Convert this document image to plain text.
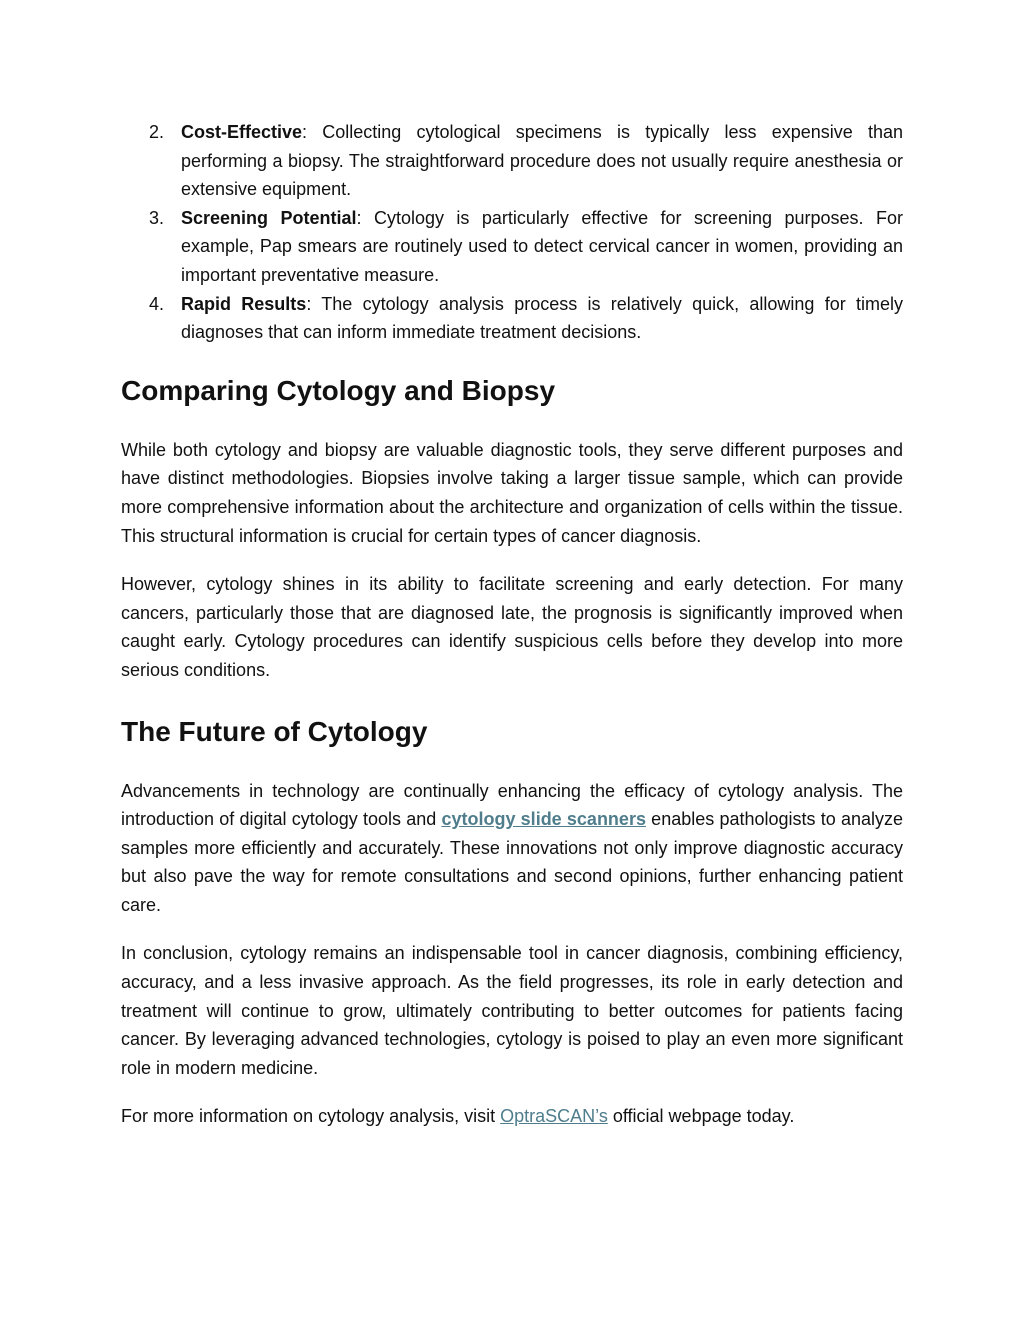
2. Cost-Effective: Collecting cytological specimens is typically less expensive than performing a biopsy. The straightforward procedure does not usually require anesthesia or extensive equipment.
3. Screening Potential: Cytology is particularly effective for screening purposes. For example, Pap smears are routinely used to detect cervical cancer in women, providing an important preventative measure.
4. Rapid Results: The cytology analysis process is relatively quick, allowing for timely diagnoses that can inform immediate treatment decisions.
Comparing Cytology and Biopsy

While both cytology and biopsy are valuable diagnostic tools, they serve different purposes and have distinct methodologies. Biopsies involve taking a larger tissue sample, which can provide more comprehensive information about the architecture and organization of cells within the tissue. This structural information is crucial for certain types of cancer diagnosis.

However, cytology shines in its ability to facilitate screening and early detection. For many cancers, particularly those that are diagnosed late, the prognosis is significantly improved when caught early. Cytology procedures can identify suspicious cells before they develop into more serious conditions.

The Future of Cytology

Advancements in technology are continually enhancing the efficacy of cytology analysis. The introduction of digital cytology tools and cytology slide scanners enables pathologists to analyze samples more efficiently and accurately. These innovations not only improve diagnostic accuracy but also pave the way for remote consultations and second opinions, further enhancing patient care.

In conclusion, cytology remains an indispensable tool in cancer diagnosis, combining efficiency, accuracy, and a less invasive approach. As the field progresses, its role in early detection and treatment will continue to grow, ultimately contributing to better outcomes for patients facing cancer. By leveraging advanced technologies, cytology is poised to play an even more significant role in modern medicine.

For more information on cytology analysis, visit OptraSCAN’s official webpage today.
